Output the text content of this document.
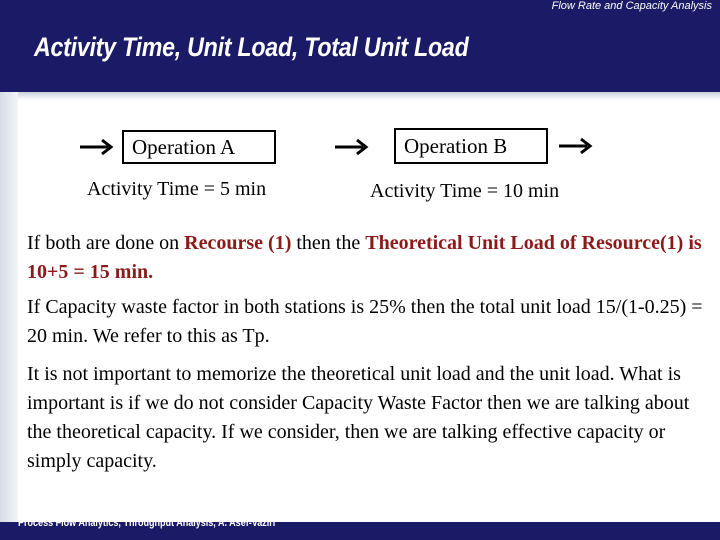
Flow Rate and Capacity Analysis
Activity Time, Unit Load, Total Unit Load
Operation A	Operation B
Activity Time = 5 min	Activity Time = 10 min
If both are done on Recourse (1) then the Theoretical Unit Load of Resource(1) is 10+5 = 15 min.
If Capacity waste factor in both stations is 25% then the total unit load 15/(1-0.25) = 20 min. We refer to this as Tp.
It is not important to memorize the theoretical unit load and the unit load. What is important is if we do not consider Capacity Waste Factor then we are talking about the theoretical capacity. If we consider, then we are talking effective capacity or simply capacity.
Process Flow Analytics, Throughput Analysis, A. Asef-Vaziri
